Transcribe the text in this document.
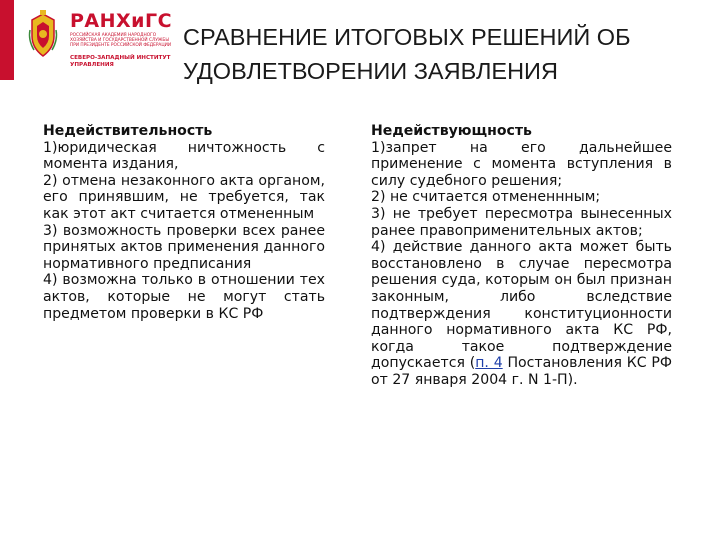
РАНХиГС
РОССИЙСКАЯ АКАДЕМИЯ НАРОДНОГО ХОЗЯЙСТВА И ГОСУДАРСТВЕННОЙ СЛУЖБЫ ПРИ ПРЕЗИДЕНТЕ РОССИЙСКОЙ ФЕДЕРАЦИИ
СЕВЕРО-ЗАПАДНЫЙ ИНСТИТУТ УПРАВЛЕНИЯ
СРАВНЕНИЕ ИТОГОВЫХ РЕШЕНИЙ ОБ
УДОВЛЕТВОРЕНИИ ЗАЯВЛЕНИЯ
Недействительность

1)юридическая ничтожность с момента издания,

2) отмена незаконного акта органом, его принявшим, не требуется, так как этот акт считается отмененным

3) возможность проверки всех ранее принятых актов применения данного нормативного предписания

4) возможна только в отношении тех актов, которые не могут стать предметом проверки в КС РФ

Недействующность

1)запрет на его дальнейшее применение с момента вступления в силу судебного решения;

2) не считается отмененнным;

3) не требует пересмотра вынесенных ранее правоприменительных актов;

4) действие данного акта может быть восстановлено в случае пересмотра решения суда, которым он был признан законным, либо вследствие подтверждения конституционности данного нормативного акта КС РФ, когда такое подтверждение допускается (п. 4 Постановления КС РФ от 27 января 2004 г. N 1-П).
